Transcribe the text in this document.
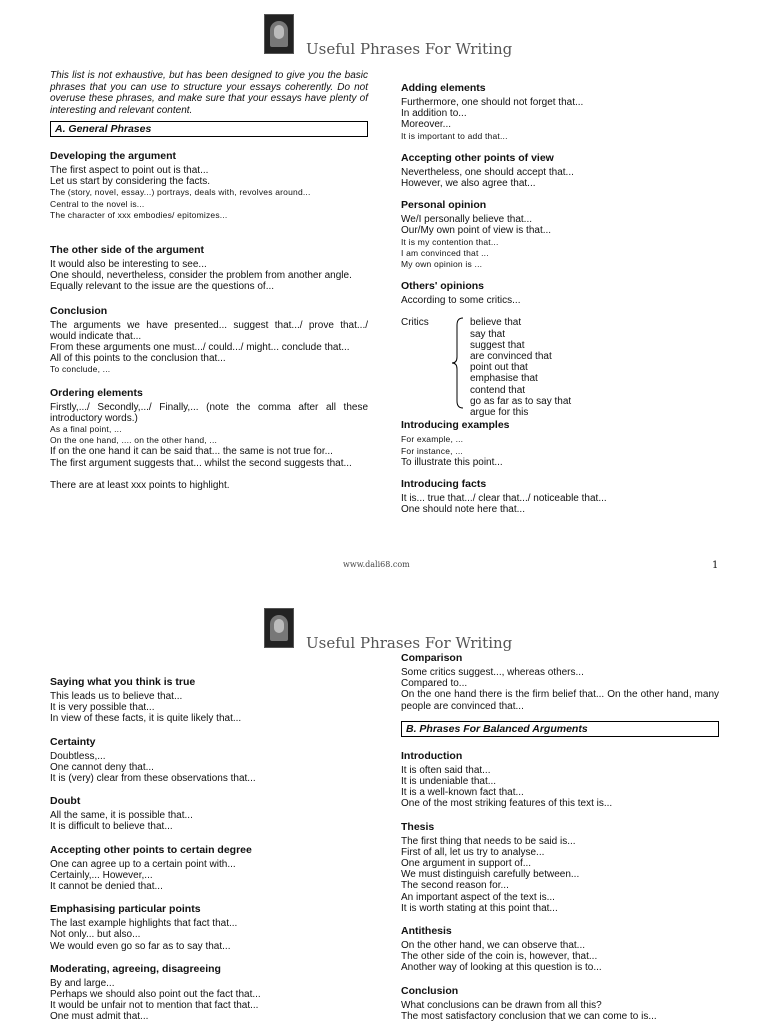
Useful Phrases For Writing

This list is not exhaustive, but has been designed to give you the basic phrases that you can use to structure your essays coherently. Do not overuse these phrases, and make sure that your essays have plenty of interesting and relevant content.

A. General Phrases

Developing the argument

The first aspect to point out is that...
Let us start by considering the facts.
The (story, novel, essay...) portrays, deals with, revolves around...
Central to the novel is...
The character of xxx embodies/ epitomizes...

The other side of the argument

It would also be interesting to see...
One should, nevertheless, consider the problem from another angle.
Equally relevant to the issue are the questions of...

Conclusion

The arguments we have presented... suggest that.../ prove that.../ would indicate that...
From these arguments one must.../ could.../ might... conclude that...
All of this points to the conclusion that...
To conclude, ...

Ordering elements

Firstly,.../ Secondly,.../ Finally,... (note the comma after all these introductory words.)
As a final point, ...
On the one hand, .... on the other hand, ...
If on the one hand it can be said that... the same is not true for...
The first argument suggests that... whilst the second suggests that...
There are at least xxx points to highlight.

Adding elements

Furthermore, one should not forget that...
In addition to...
Moreover...
It is important to add that...

Accepting other points of view

Nevertheless, one should accept that...
However, we also agree that...

Personal opinion

We/I personally believe that...
Our/My own point of view is that...
It is my contention that...
I am convinced that ...
My own opinion is ...

Others' opinions

According to some critics...
Critics	believe that
say that
suggest that
are convinced that
point out that
emphasise that
contend that
go as far as to say that
argue for this

Introducing examples

For example, ...
For instance, ...
To illustrate this point...

Introducing facts

It is... true that.../ clear that.../ noticeable that...
One should note here that...
www.dali68.com	1
Useful Phrases For Writing

Saying what you think is true

This leads us to believe that...
It is very possible that...
In view of these facts, it is quite likely that...

Certainty

Doubtless,...
One cannot deny that...
It is (very) clear from these observations that...

Doubt

All the same, it is possible that...
It is difficult to believe that...

Accepting other points to certain degree

One can agree up to a certain point with...
Certainly,... However,...
It cannot be denied that...

Emphasising particular points

The last example highlights that fact that...
Not only... but also...
We would even go so far as to say that...

Moderating, agreeing, disagreeing

By and large...
Perhaps we should also point out the fact that...
It would be unfair not to mention that fact that...
One must admit that...

Comparison

Some critics suggest..., whereas others...
Compared to...
On the one hand there is the firm belief that... On the other hand, many people are convinced that...
B. Phrases For Balanced Arguments

Introduction

It is often said that...
It is undeniable that...
It is a well-known fact that...
One of the most striking features of this text is...

Thesis

The first thing that needs to be said is...
First of all, let us try to analyse...
One argument in support of...
We must distinguish carefully between...
The second reason for...
An important aspect of the text is...
It is worth stating at this point that...

Antithesis

On the other hand, we can observe that...
The other side of the coin is, however, that...
Another way of looking at this question is to...

Conclusion

What conclusions can be drawn from all this?
The most satisfactory conclusion that we can come to is...
